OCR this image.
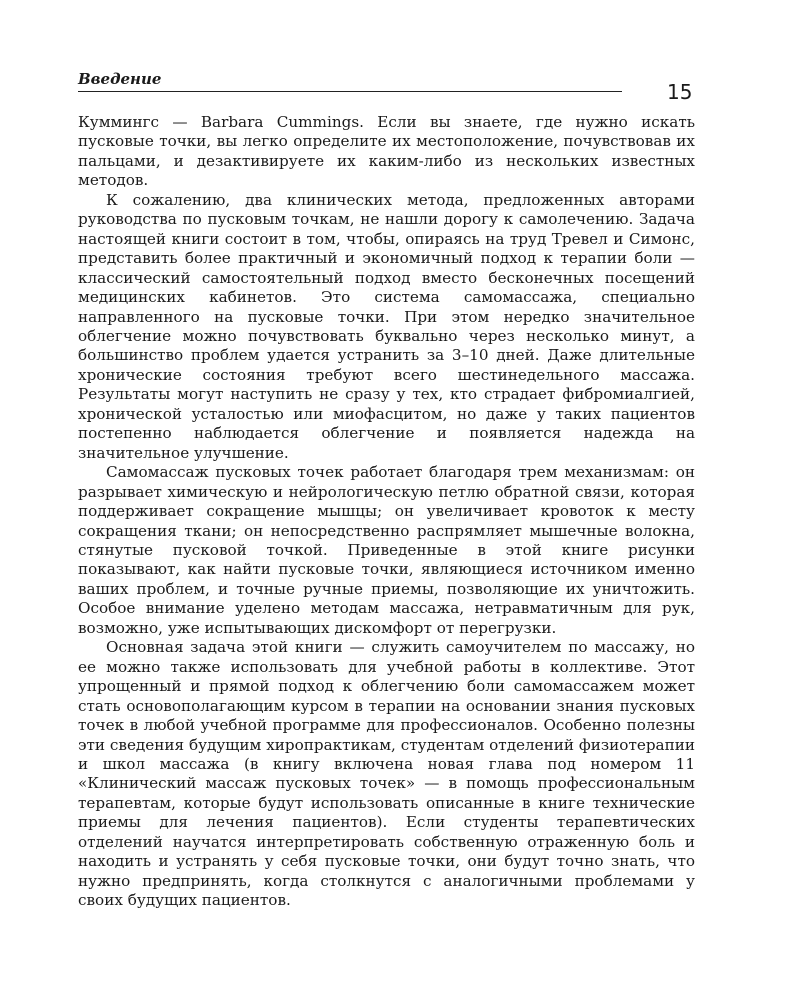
Введение
15

Куммингс — Barbara Cummings. Если вы знаете, где нужно искать пусковые точки, вы легко определите их местоположение, почувствовав их пальцами, и дезактивируете их каким-либо из нескольких известных методов.

К сожалению, два клинических метода, предложенных авторами руководства по пусковым точкам, не нашли дорогу к самолечению. Задача настоящей книги состоит в том, чтобы, опираясь на труд Тревел и Симонс, представить более практичный и экономичный подход к терапии боли — классический самостоятельный подход вместо бесконечных посещений медицинских кабинетов. Это система самомассажа, специально направленного на пусковые точки. При этом нередко значительное облегчение можно почувствовать буквально через несколько минут, а большинство проблем удается устранить за 3–10 дней. Даже длительные хронические состояния требуют всего шестинедельного массажа. Результаты могут наступить не сразу у тех, кто страдает фибромиалгией, хронической усталостью или миофасцитом, но даже у таких пациентов постепенно наблюдается облегчение и появляется надежда на значительное улучшение.

Самомассаж пусковых точек работает благодаря трем механизмам: он разрывает химическую и нейрологическую петлю обратной связи, которая поддерживает сокращение мышцы; он увеличивает кровоток к месту сокращения ткани; он непосредственно распрямляет мышечные волокна, стянутые пусковой точкой. Приведенные в этой книге рисунки показывают, как найти пусковые точки, являющиеся источником именно ваших проблем, и точные ручные приемы, позволяющие их уничтожить. Особое внимание уделено методам массажа, нетравматичным для рук, возможно, уже испытывающих дискомфорт от перегрузки.

Основная задача этой книги — служить самоучителем по массажу, но ее можно также использовать для учебной работы в коллективе. Этот упрощенный и прямой подход к облегчению боли самомассажем может стать основополагающим курсом в терапии на основании знания пусковых точек в любой учебной программе для профессионалов. Особенно полезны эти сведения будущим хиропрактикам, студентам отделений физиотерапии и школ массажа (в книгу включена новая глава под номером 11 «Клинический массаж пусковых точек» — в помощь профессиональным терапевтам, которые будут использовать описанные в книге технические приемы для лечения пациентов). Если студенты терапевтических отделений научатся интерпретировать собственную отраженную боль и находить и устранять у себя пусковые точки, они будут точно знать, что нужно предпринять, когда столкнутся с аналогичными проблемами у своих будущих пациентов.
